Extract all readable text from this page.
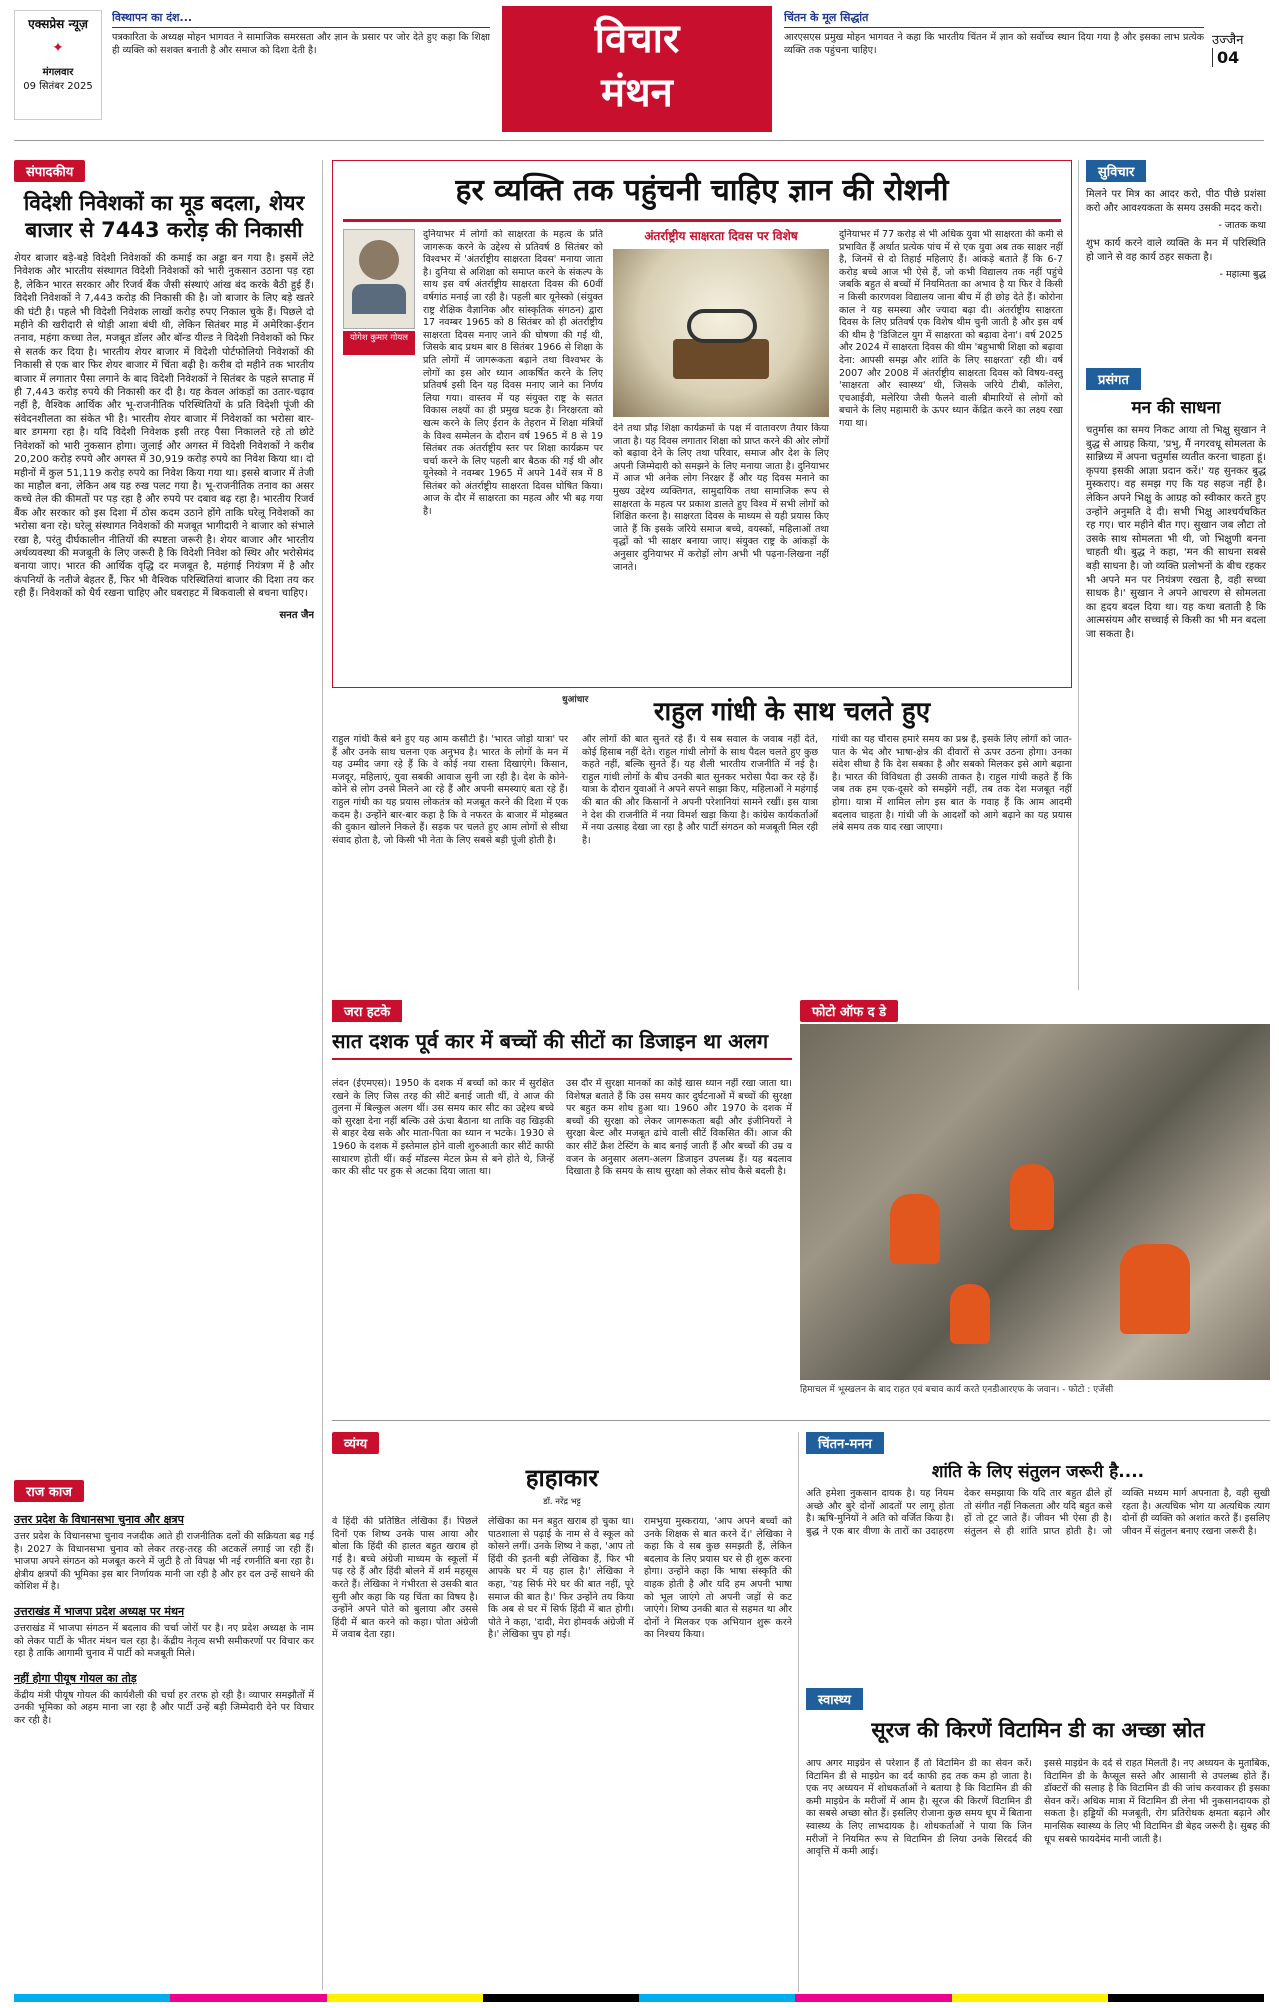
एक्सप्रेस न्यूज़
✦
मंगलवार
09 सितंबर 2025
विस्थापन का दंश...
पत्रकारिता के अध्यक्ष मोहन भागवत ने सामाजिक समरसता और ज्ञान के प्रसार पर जोर देते हुए कहा कि शिक्षा ही व्यक्ति को सशक्त बनाती है और समाज को दिशा देती है।	विचार
मंथन
चिंतन के मूल सिद्धांत
आरएसएस प्रमुख मोहन भागवत ने कहा कि भारतीय चिंतन में ज्ञान को सर्वोच्च स्थान दिया गया है और इसका लाभ प्रत्येक व्यक्ति तक पहुंचना चाहिए।
उज्जैन 04
संपादकीय
विदेशी निवेशकों का मूड बदला, शेयर बाजार से 7443 करोड़ की निकासी
शेयर बाजार बड़े-बड़े विदेशी निवेशकों की कमाई का अड्डा बन गया है। इसमें लेटे निवेशक और भारतीय संस्थागत विदेशी निवेशकों को भारी नुकसान उठाना पड़ रहा है, लेकिन भारत सरकार और रिजर्व बैंक जैसी संस्थाएं आंख बंद करके बैठी हुई हैं। विदेशी निवेशकों ने 7,443 करोड़ की निकासी की है। जो बाजार के लिए बड़े खतरे की घंटी है। पहले भी विदेशी निवेशक लाखों करोड़ रुपए निकाल चुके हैं। पिछले दो महीने की खरीदारी से थोड़ी आशा बंधी थी, लेकिन सितंबर माह में अमेरिका-ईरान तनाव, महंगा कच्चा तेल, मजबूत डॉलर और बॉन्ड यील्ड ने विदेशी निवेशकों को फिर से सतर्क कर दिया है। भारतीय शेयर बाजार में विदेशी पोर्टफोलियो निवेशकों की निकासी से एक बार फिर शेयर बाजार में चिंता बढ़ी है। करीब दो महीने तक भारतीय बाजार में लगातार पैसा लगाने के बाद विदेशी निवेशकों ने सितंबर के पहले सप्ताह में ही 7,443 करोड़ रुपये की निकासी कर दी है। यह केवल आंकड़ों का उतार-चढ़ाव नहीं है, वैश्विक आर्थिक और भू-राजनीतिक परिस्थितियों के प्रति विदेशी पूंजी की संवेदनशीलता का संकेत भी है। भारतीय शेयर बाजार में निवेशकों का भरोसा बार-बार डगमगा रहा है। यदि विदेशी निवेशक इसी तरह पैसा निकालते रहे तो छोटे निवेशकों को भारी नुकसान होगा। जुलाई और अगस्त में विदेशी निवेशकों ने करीब 20,200 करोड़ रुपये और अगस्त में 30,919 करोड़ रुपये का निवेश किया था। दो महीनों में कुल 51,119 करोड़ रुपये का निवेश किया गया था। इससे बाजार में तेजी का माहौल बना, लेकिन अब यह रुख पलट गया है। भू-राजनीतिक तनाव का असर कच्चे तेल की कीमतों पर पड़ रहा है और रुपये पर दबाव बढ़ रहा है। भारतीय रिजर्व बैंक और सरकार को इस दिशा में ठोस कदम उठाने होंगे ताकि घरेलू निवेशकों का भरोसा बना रहे। घरेलू संस्थागत निवेशकों की मजबूत भागीदारी ने बाजार को संभाले रखा है, परंतु दीर्घकालीन नीतियों की स्पष्टता जरूरी है। शेयर बाजार और भारतीय अर्थव्यवस्था की मजबूती के लिए जरूरी है कि विदेशी निवेश को स्थिर और भरोसेमंद बनाया जाए। भारत की आर्थिक वृद्धि दर मजबूत है, महंगाई नियंत्रण में है और कंपनियों के नतीजे बेहतर हैं, फिर भी वैश्विक परिस्थितियां बाजार की दिशा तय कर रही हैं। निवेशकों को धैर्य रखना चाहिए और घबराहट में बिकवाली से बचना चाहिए।
सनत जैन
राज काज
उत्तर प्रदेश के विधानसभा चुनाव और क्षत्रप
उत्तर प्रदेश के विधानसभा चुनाव नजदीक आते ही राजनीतिक दलों की सक्रियता बढ़ गई है। 2027 के विधानसभा चुनाव को लेकर तरह-तरह की अटकलें लगाई जा रही हैं। भाजपा अपने संगठन को मजबूत करने में जुटी है तो विपक्ष भी नई रणनीति बना रहा है। क्षेत्रीय क्षत्रपों की भूमिका इस बार निर्णायक मानी जा रही है और हर दल उन्हें साधने की कोशिश में है।
उत्तराखंड में भाजपा प्रदेश अध्यक्ष पर मंथन
उत्तराखंड में भाजपा संगठन में बदलाव की चर्चा जोरों पर है। नए प्रदेश अध्यक्ष के नाम को लेकर पार्टी के भीतर मंथन चल रहा है। केंद्रीय नेतृत्व सभी समीकरणों पर विचार कर रहा है ताकि आगामी चुनाव में पार्टी को मजबूती मिले।
नहीं होगा पीयूष गोयल का तोड़
केंद्रीय मंत्री पीयूष गोयल की कार्यशैली की चर्चा हर तरफ हो रही है। व्यापार समझौतों में उनकी भूमिका को अहम माना जा रहा है और पार्टी उन्हें बड़ी जिम्मेदारी देने पर विचार कर रही है।
हर व्यक्ति तक पहुंचनी चाहिए ज्ञान की रोशनी
योगेश कुमार गोयल
दुनियाभर में लोगों को साक्षरता के महत्व के प्रति जागरूक करने के उद्देश्य से प्रतिवर्ष 8 सितंबर को विश्वभर में 'अंतर्राष्ट्रीय साक्षरता दिवस' मनाया जाता है। दुनिया से अशिक्षा को समाप्त करने के संकल्प के साथ इस वर्ष अंतर्राष्ट्रीय साक्षरता दिवस की 60वीं वर्षगांठ मनाई जा रही है। पहली बार यूनेस्को (संयुक्त राष्ट्र शैक्षिक वैज्ञानिक और सांस्कृतिक संगठन) द्वारा 17 नवम्बर 1965 को 8 सितंबर को ही अंतर्राष्ट्रीय साक्षरता दिवस मनाए जाने की घोषणा की गई थी, जिसके बाद प्रथम बार 8 सितंबर 1966 से शिक्षा के प्रति लोगों में जागरूकता बढ़ाने तथा विश्वभर के लोगों का इस ओर ध्यान आकर्षित करने के लिए प्रतिवर्ष इसी दिन यह दिवस मनाए जाने का निर्णय लिया गया। वास्तव में यह संयुक्त राष्ट्र के सतत विकास लक्ष्यों का ही प्रमुख घटक है। निरक्षरता को खत्म करने के लिए ईरान के तेहरान में शिक्षा मंत्रियों के विश्व सम्मेलन के दौरान वर्ष 1965 में 8 से 19 सितंबर तक अंतर्राष्ट्रीय स्तर पर शिक्षा कार्यक्रम पर चर्चा करने के लिए पहली बार बैठक की गई थी और यूनेस्को ने नवम्बर 1965 में अपने 14वें सत्र में 8 सितंबर को अंतर्राष्ट्रीय साक्षरता दिवस घोषित किया। आज के दौर में साक्षरता का महत्व और भी बढ़ गया है।
अंतर्राष्ट्रीय साक्षरता दिवस पर विशेष
देने तथा प्रौढ़ शिक्षा कार्यक्रमों के पक्ष में वातावरण तैयार किया जाता है। यह दिवस लगातार शिक्षा को प्राप्त करने की ओर लोगों को बढ़ावा देने के लिए तथा परिवार, समाज और देश के लिए अपनी जिम्मेदारी को समझने के लिए मनाया जाता है। दुनियाभर में आज भी अनेक लोग निरक्षर हैं और यह दिवस मनाने का मुख्य उद्देश्य व्यक्तिगत, सामुदायिक तथा सामाजिक रूप से साक्षरता के महत्व पर प्रकाश डालते हुए विश्व में सभी लोगों को शिक्षित करना है। साक्षरता दिवस के माध्यम से यही प्रयास किए जाते हैं कि इसके जरिये समाज बच्चे, वयस्कों, महिलाओं तथा वृद्धों को भी साक्षर बनाया जाए। संयुक्त राष्ट्र के आंकड़ों के अनुसार दुनियाभर में करोड़ों लोग अभी भी पढ़ना-लिखना नहीं जानते।
दुनियाभर में 77 करोड़ से भी अधिक युवा भी साक्षरता की कमी से प्रभावित हैं अर्थात प्रत्येक पांच में से एक युवा अब तक साक्षर नहीं है, जिनमें से दो तिहाई महिलाएं हैं। आंकड़े बताते हैं कि 6-7 करोड़ बच्चे आज भी ऐसे हैं, जो कभी विद्यालय तक नहीं पहुंचे जबकि बहुत से बच्चों में नियमितता का अभाव है या फिर वे किसी न किसी कारणवश विद्यालय जाना बीच में ही छोड़ देते हैं। कोरोना काल ने यह समस्या और ज्यादा बढ़ा दी। अंतर्राष्ट्रीय साक्षरता दिवस के लिए प्रतिवर्ष एक विशेष थीम चुनी जाती है और इस वर्ष की थीम है 'डिजिटल युग में साक्षरता को बढ़ावा देना'। वर्ष 2025 और 2024 में साक्षरता दिवस की थीम 'बहुभाषी शिक्षा को बढ़ावा देना: आपसी समझ और शांति के लिए साक्षरता' रही थी। वर्ष 2007 और 2008 में अंतर्राष्ट्रीय साक्षरता दिवस को विषय-वस्तु 'साक्षरता और स्वास्थ्य' थी, जिसके जरिये टीबी, कॉलेरा, एचआईवी, मलेरिया जैसी फैलने वाली बीमारियों से लोगों को बचाने के लिए महामारी के ऊपर ध्यान केंद्रित करने का लक्ष्य रखा गया था।
धुआंधार	राहुल गांधी के साथ चलते हुए
राहुल गांधी कैसे बने हुए यह आम कसौटी है। 'भारत जोड़ो यात्रा' पर हैं और उनके साथ चलना एक अनुभव है। भारत के लोगों के मन में यह उम्मीद जगा रहे हैं कि वे कोई नया रास्ता दिखाएंगे। किसान, मजदूर, महिलाएं, युवा सबकी आवाज सुनी जा रही है। देश के कोने-कोने से लोग उनसे मिलने आ रहे हैं और अपनी समस्याएं बता रहे हैं। राहुल गांधी का यह प्रयास लोकतंत्र को मजबूत करने की दिशा में एक कदम है। उन्होंने बार-बार कहा है कि वे नफरत के बाजार में मोहब्बत की दुकान खोलने निकले हैं। सड़क पर चलते हुए आम लोगों से सीधा संवाद होता है, जो किसी भी नेता के लिए सबसे बड़ी पूंजी होती है।
और लोगों की बात सुनते रहे हैं। ये सब सवाल के जवाब नहीं देते, कोई हिसाब नहीं देते। राहुल गांधी लोगों के साथ पैदल चलते हुए कुछ कहते नहीं, बल्कि सुनते हैं। यह शैली भारतीय राजनीति में नई है। राहुल गांधी लोगों के बीच उनकी बात सुनकर भरोसा पैदा कर रहे हैं। यात्रा के दौरान युवाओं ने अपने सपने साझा किए, महिलाओं ने महंगाई की बात की और किसानों ने अपनी परेशानियां सामने रखीं। इस यात्रा ने देश की राजनीति में नया विमर्श खड़ा किया है। कांग्रेस कार्यकर्ताओं में नया उत्साह देखा जा रहा है और पार्टी संगठन को मजबूती मिल रही है।
गांधी का यह चौरास हमारे समय का प्रश्न है, इसके लिए लोगों को जात-पात के भेद और भाषा-क्षेत्र की दीवारों से ऊपर उठना होगा। उनका संदेश सीधा है कि देश सबका है और सबको मिलकर इसे आगे बढ़ाना है। भारत की विविधता ही उसकी ताकत है। राहुल गांधी कहते हैं कि जब तक हम एक-दूसरे को समझेंगे नहीं, तब तक देश मजबूत नहीं होगा। यात्रा में शामिल लोग इस बात के गवाह हैं कि आम आदमी बदलाव चाहता है। गांधी जी के आदर्शों को आगे बढ़ाने का यह प्रयास लंबे समय तक याद रखा जाएगा।
जरा हटके
सात दशक पूर्व कार में बच्चों की सीटों का डिजाइन था अलग
लंदन (ईएमएस)। 1950 के दशक में बच्चों को कार में सुरक्षित रखने के लिए जिस तरह की सीटें बनाई जाती थीं, वे आज की तुलना में बिल्कुल अलग थीं। उस समय कार सीट का उद्देश्य बच्चे को सुरक्षा देना नहीं बल्कि उसे ऊंचा बैठाना था ताकि वह खिड़की से बाहर देख सके और माता-पिता का ध्यान न भटके। 1930 से 1960 के दशक में इस्तेमाल होने वाली शुरुआती कार सीटें काफी साधारण होती थीं। कई मॉडल्स मेटल फ्रेम से बने होते थे, जिन्हें कार की सीट पर हुक से अटका दिया जाता था।
उस दौर में सुरक्षा मानकों का कोई खास ध्यान नहीं रखा जाता था। विशेषज्ञ बताते हैं कि उस समय कार दुर्घटनाओं में बच्चों की सुरक्षा पर बहुत कम शोध हुआ था। 1960 और 1970 के दशक में बच्चों की सुरक्षा को लेकर जागरूकता बढ़ी और इंजीनियरों ने सुरक्षा बेल्ट और मजबूत ढांचे वाली सीटें विकसित कीं। आज की कार सीटें क्रैश टेस्टिंग के बाद बनाई जाती हैं और बच्चों की उम्र व वजन के अनुसार अलग-अलग डिजाइन उपलब्ध हैं। यह बदलाव दिखाता है कि समय के साथ सुरक्षा को लेकर सोच कैसे बदली है।
फोटो ऑफ द डे
हिमाचल में भूस्खलन के बाद राहत एवं बचाव कार्य करते एनडीआरएफ के जवान। - फोटो : एजेंसी
सुविचार
मिलने पर मित्र का आदर करो, पीठ पीछे प्रशंसा करो और आवश्यकता के समय उसकी मदद करो।
- जातक कथा
शुभ कार्य करने वाले व्यक्ति के मन में परिस्थिति हो जाने से वह कार्य ठहर सकता है।
- महात्मा बुद्ध
प्रसंगत
मन की साधना
चतुर्मास का समय निकट आया तो भिक्षु सुखान ने बुद्ध से आग्रह किया, 'प्रभु, मैं नगरवधू सोमलता के सान्निध्य में अपना चतुर्मास व्यतीत करना चाहता हूं। कृपया इसकी आज्ञा प्रदान करें।' यह सुनकर बुद्ध मुस्कराए। वह समझ गए कि यह सहज नहीं है। लेकिन अपने भिक्षु के आग्रह को स्वीकार करते हुए उन्होंने अनुमति दे दी। सभी भिक्षु आश्चर्यचकित रह गए। चार महीने बीत गए। सुखान जब लौटा तो उसके साथ सोमलता भी थी, जो भिक्षुणी बनना चाहती थी। बुद्ध ने कहा, 'मन की साधना सबसे बड़ी साधना है। जो व्यक्ति प्रलोभनों के बीच रहकर भी अपने मन पर नियंत्रण रखता है, वही सच्चा साधक है।' सुखान ने अपने आचरण से सोमलता का हृदय बदल दिया था। यह कथा बताती है कि आत्मसंयम और सच्चाई से किसी का भी मन बदला जा सकता है।
व्यंग्य
हाहाकार
डॉ. नरेंद्र भट्ट
वे हिंदी की प्रतिष्ठित लेखिका हैं। पिछले दिनों एक शिष्य उनके पास आया और बोला कि हिंदी की हालत बहुत खराब हो गई है। बच्चे अंग्रेजी माध्यम के स्कूलों में पढ़ रहे हैं और हिंदी बोलने में शर्म महसूस करते हैं। लेखिका ने गंभीरता से उसकी बात सुनी और कहा कि यह चिंता का विषय है। उन्होंने अपने पोते को बुलाया और उससे हिंदी में बात करने को कहा। पोता अंग्रेजी में जवाब देता रहा।
लेखिका का मन बहुत खराब हो चुका था। पाठशाला से पढ़ाई के नाम से वे स्कूल को कोसने लगीं। उनके शिष्य ने कहा, 'आप तो हिंदी की इतनी बड़ी लेखिका हैं, फिर भी आपके घर में यह हाल है।' लेखिका ने कहा, 'यह सिर्फ मेरे घर की बात नहीं, पूरे समाज की बात है।' फिर उन्होंने तय किया कि अब से घर में सिर्फ हिंदी में बात होगी। पोते ने कहा, 'दादी, मेरा होमवर्क अंग्रेजी में है।' लेखिका चुप हो गईं।
रामभुया मुस्कराया, 'आप अपने बच्चों को उनके शिक्षक से बात करने दें।' लेखिका ने कहा कि वे सब कुछ समझती हैं, लेकिन बदलाव के लिए प्रयास घर से ही शुरू करना होगा। उन्होंने कहा कि भाषा संस्कृति की वाहक होती है और यदि हम अपनी भाषा को भूल जाएंगे तो अपनी जड़ों से कट जाएंगे। शिष्य उनकी बात से सहमत था और दोनों ने मिलकर एक अभियान शुरू करने का निश्चय किया।
चिंतन-मनन
शांति के लिए संतुलन जरूरी है....
अति हमेशा नुकसान दायक है। यह नियम अच्छे और बुरे दोनों आदतों पर लागू होता है। ऋषि-मुनियों ने अति को वर्जित किया है। बुद्ध ने एक बार वीणा के तारों का उदाहरण देकर समझाया कि यदि तार बहुत ढीले हों तो संगीत नहीं निकलता और यदि बहुत कसे हों तो टूट जाते हैं। जीवन भी ऐसा ही है। संतुलन से ही शांति प्राप्त होती है। जो व्यक्ति मध्यम मार्ग अपनाता है, वही सुखी रहता है। अत्यधिक भोग या अत्यधिक त्याग दोनों ही व्यक्ति को अशांत करते हैं। इसलिए जीवन में संतुलन बनाए रखना जरूरी है।
स्वास्थ्य
सूरज की किरणें विटामिन डी का अच्छा स्रोत
आप अगर माइग्रेन से परेशान हैं तो विटामिन डी का सेवन करें। विटामिन डी से माइग्रेन का दर्द काफी हद तक कम हो जाता है। एक नए अध्ययन में शोधकर्ताओं ने बताया है कि विटामिन डी की कमी माइग्रेन के मरीजों में आम है। सूरज की किरणें विटामिन डी का सबसे अच्छा स्रोत हैं। इसलिए रोजाना कुछ समय धूप में बिताना स्वास्थ्य के लिए लाभदायक है। शोधकर्ताओं ने पाया कि जिन मरीजों ने नियमित रूप से विटामिन डी लिया उनके सिरदर्द की आवृत्ति में कमी आई।
इससे माइग्रेन के दर्द से राहत मिलती है। नए अध्ययन के मुताबिक, विटामिन डी के कैप्सूल सस्ते और आसानी से उपलब्ध होते हैं। डॉक्टरों की सलाह है कि विटामिन डी की जांच करवाकर ही इसका सेवन करें। अधिक मात्रा में विटामिन डी लेना भी नुकसानदायक हो सकता है। हड्डियों की मजबूती, रोग प्रतिरोधक क्षमता बढ़ाने और मानसिक स्वास्थ्य के लिए भी विटामिन डी बेहद जरूरी है। सुबह की धूप सबसे फायदेमंद मानी जाती है।
